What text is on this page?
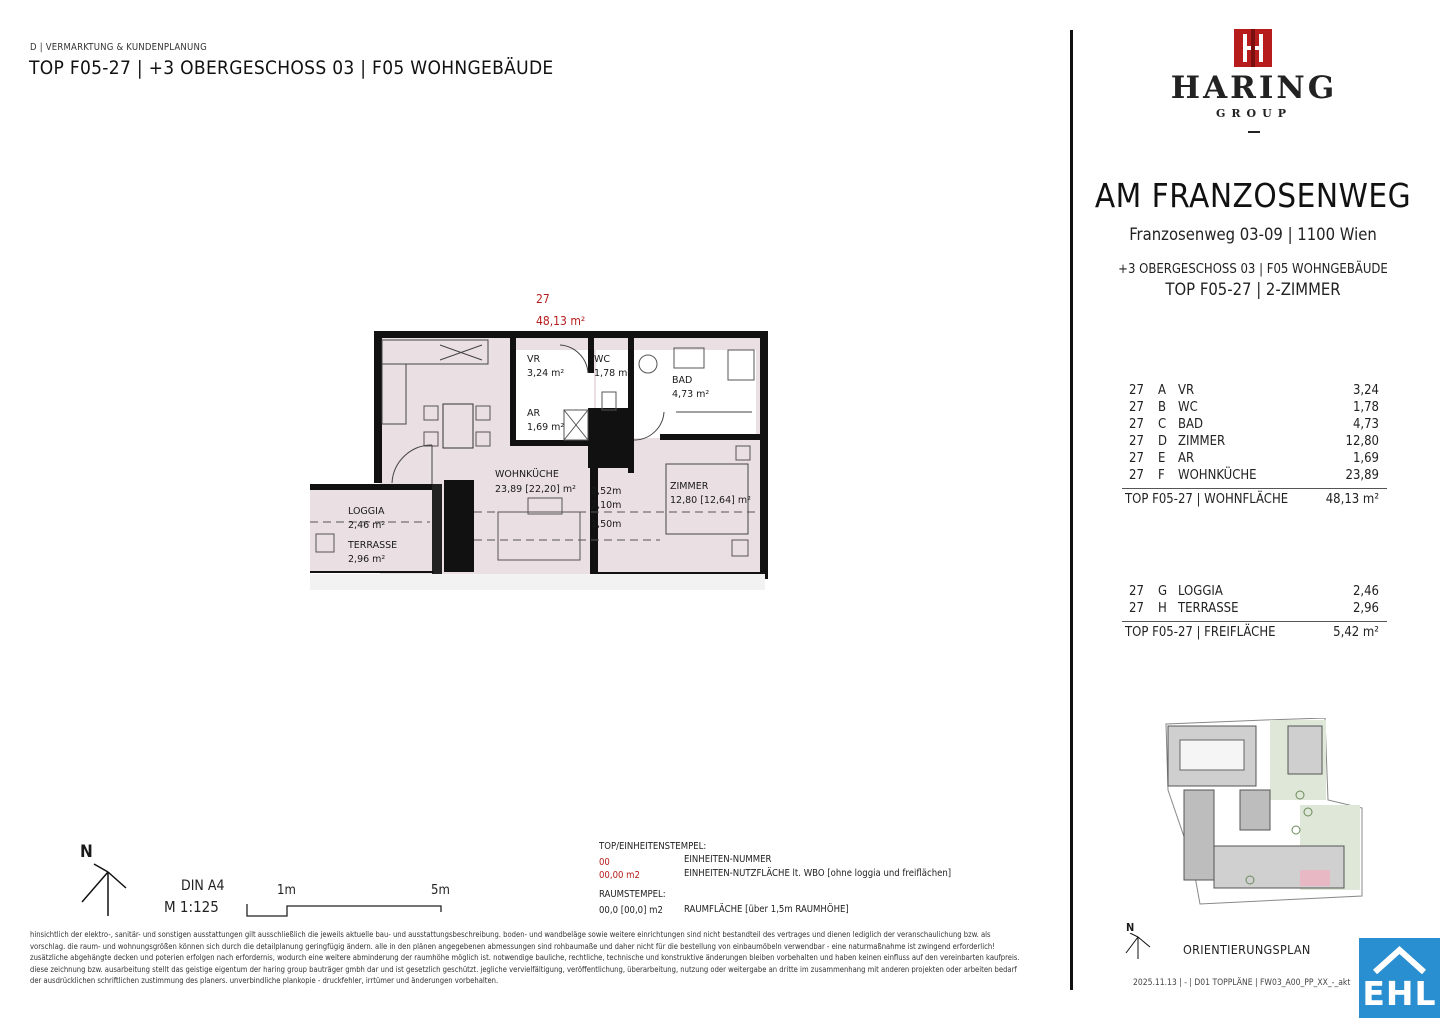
D | VERMARKTUNG & KUNDENPLANUNG
TOP F05-27 | +3 OBERGESCHOSS 03 | F05 WOHNGEBÄUDE
27
48,13 m²
VR
3,24 m²
WC
1,78 m²
BAD
4,73 m²
AR
1,69 m²
WOHNKÜCHE
23,89 [22,20] m²	ZIMMER
12,80 [12,64] m²
LOGGIA
2,46 m²
TERRASSE
2,96 m²
2,52m
2,10m
1,50m
N
DIN A4
M 1:125
1m	5m
TOP/EINHEITENSTEMPEL:
00	EINHEITEN-NUMMER
00,00 m2	EINHEITEN-NUTZFLÄCHE lt. WBO [ohne loggia und freiflächen]
RAUMSTEMPEL:
00,0 [00,0] m2 RAUMFLÄCHE [über 1,5m RAUMHÖHE]
hinsichtlich der elektro-, sanitär- und sonstigen ausstattungen gilt ausschließlich die jeweils aktuelle bau- und ausstattungsbeschreibung. boden- und wandbeläge sowie weitere einrichtungen sind nicht bestandteil des vertrages und dienen lediglich der veranschaulichung bzw. als
vorschlag. die raum- und wohnungsgrößen können sich durch die detailplanung geringfügig ändern. alle in den plänen angegebenen abmessungen sind rohbaumaße und daher nicht für die bestellung von einbaumöbeln verwendbar - eine naturmaßnahme ist zwingend erforderlich!
zusätzliche abgehängte decken und poterien erfolgen nach erfordernis, wodurch eine weitere abminderung der raumhöhe möglich ist. notwendige bauliche, rechtliche, technische und konstruktive änderungen bleiben vorbehalten und haben keinen einfluss auf den vereinbarten kaufpreis.
diese zeichnung bzw. ausarbeitung stellt das geistige eigentum der haring group bauträger gmbh dar und ist gesetzlich geschützt. jegliche vervielfältigung, veröffentlichung, überarbeitung, nutzung oder weitergabe an dritte im zusammenhang mit anderen projekten oder arbeiten bedarf
der ausdrücklichen schriftlichen zustimmung des planers. unverbindliche plankopie - druckfehler, irrtümer und änderungen vorbehalten.
HARING
GROUP
AM FRANZOSENWEG
Franzosenweg 03-09 | 1100 Wien
+3 OBERGESCHOSS 03 | F05 WOHNGEBÄUDE
TOP F05-27 | 2-ZIMMER
27 A VR	3,24
27 B WC	1,78
27 C BAD	4,73
27 D ZIMMER	12,80
27 E AR	1,69
27 F WOHNKÜCHE	23,89
TOP F05-27 | WOHNFLÄCHE	48,13 m²
27 G LOGGIA	2,46
27 H TERRASSE	2,96
TOP F05-27 | FREIFLÄCHE	5,42 m²
N
ORIENTIERUNGSPLAN
2025.11.13 | - | D01 TOPPLÄNE | FW03_A00_PP_XX_-_akt EHL
